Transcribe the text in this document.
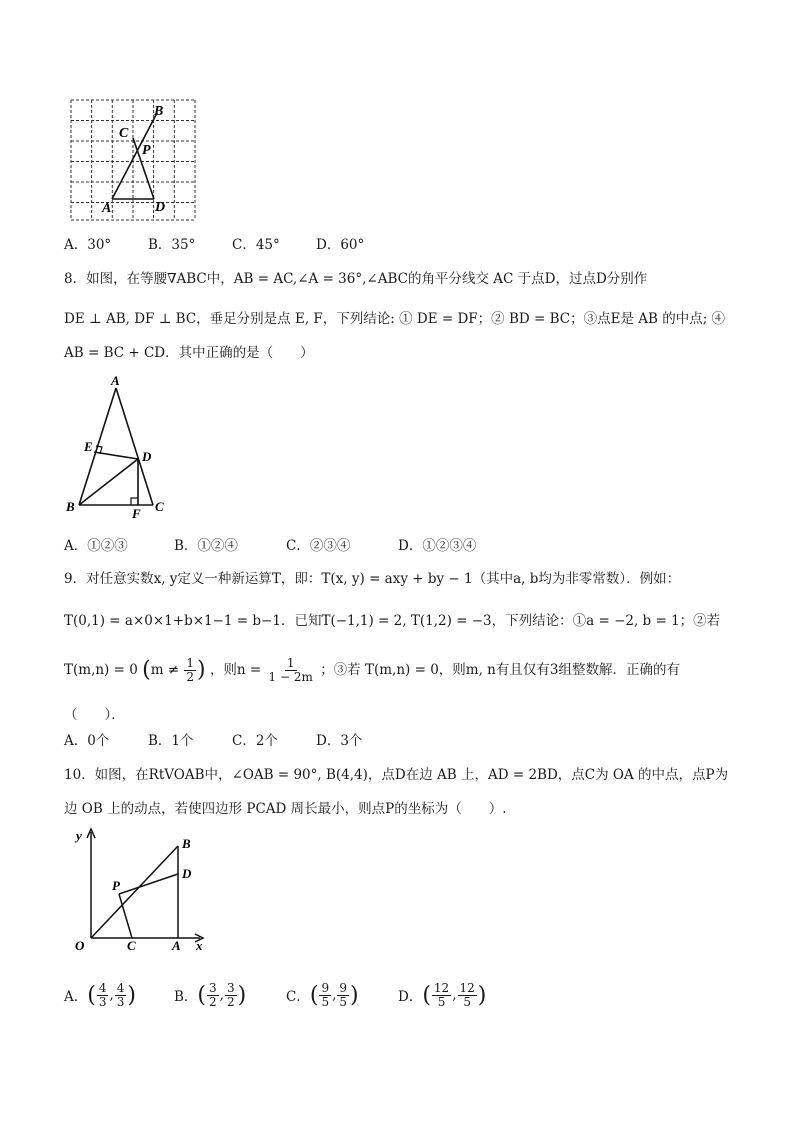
B
C
P
A	D
A．30°	B．35°	C．45°	D．60°
8．如图，在等腰∇ABC中，AB = AC,∠A = 36°,∠ABC的角平分线交 AC 于点D，过点D分别作
DE ⊥ AB, DF ⊥ BC，垂足分别是点 E, F，下列结论: ① DE = DF；② BD = BC；③点E是 AB 的中点; ④
AB = BC + CD．其中正确的是（　　）
A
E
D
B	F C
A．①②③	B．①②④	C．②③④	D．①②③④
9．对任意实数x, y定义一种新运算T，即：T(x, y) = axy + by − 1（其中a, b均为非零常数）．例如：
T(0,1) = a×0×1+b×1−1 = b−1．已知T(−1,1) = 2, T(1,2) = −3，下列结论：①a = −2, b = 1；②若
T(m,n) = 0 ($m \ne \frac{1}{2}$ ) ，则$n = \frac{1}{1 - 2m}$ ；③若 T(m,n) = 0，则m, n有且仅有3组整数解．正确的有
（　　）．
A．0个	B．1个	C．2个	D．3个
10．如图，在RtVOAB中，∠OAB = 90°, B(4,4)，点D在边 AB 上，AD = 2BD，点C为 OA 的中点，点P为
边 OB 上的动点，若使四边形 PCAD 周长最小，则点P的坐标为（　　）.
y
B
D
P
O	C	A x
A． ( $\frac{4}{3}$ , $\frac{4}{3}$ )	B． ( $\frac{3}{2}$ , $\frac{3}{2}$ )	C． ( $\frac{9}{5}$ , $\frac{9}{5}$ )	D． ( $\frac{12}{5}$ , $\frac{12}{5}$ )
